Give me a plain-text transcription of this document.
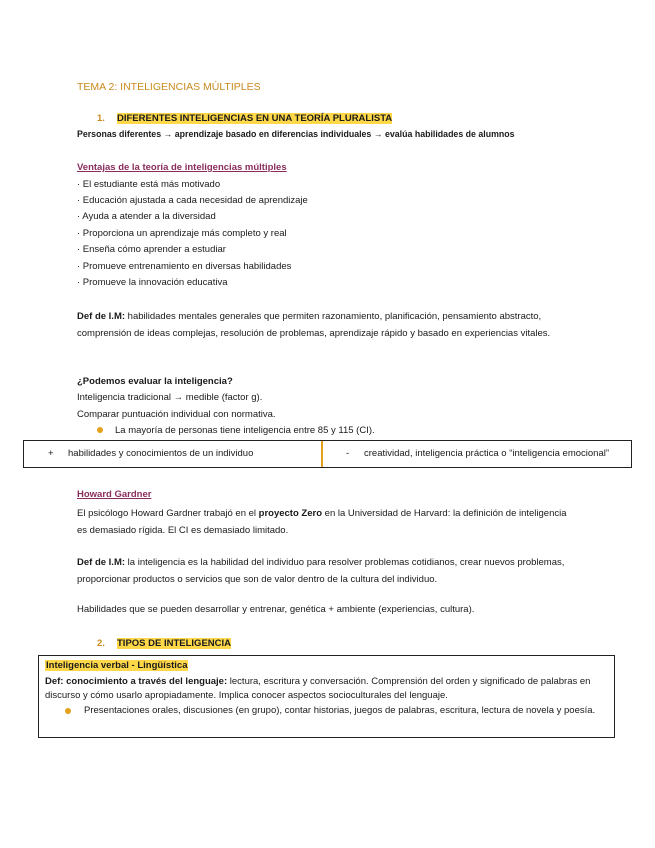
TEMA 2: INTELIGENCIAS MÚLTIPLES
1. DIFERENTES INTELIGENCIAS EN UNA TEORÍA PLURALISTA
Personas diferentes → aprendizaje basado en diferencias individuales → evalúa habilidades de alumnos
Ventajas de la teoría de inteligencias múltiples
· El estudiante está más motivado
· Educación ajustada a cada necesidad de aprendizaje
· Ayuda a atender a la diversidad
· Proporciona un aprendizaje más completo y real
· Enseña cómo aprender a estudiar
· Promueve entrenamiento en diversas habilidades
· Promueve la innovación educativa
Def de I.M: habilidades mentales generales que permiten razonamiento, planificación, pensamiento abstracto, comprensión de ideas complejas, resolución de problemas, aprendizaje rápido y basado en experiencias vitales.
¿Podemos evaluar la inteligencia?
Inteligencia tradicional → medible (factor g).
Comparar puntuación individual con normativa.
La mayoría de personas tiene inteligencia entre 85 y 115 (CI).
+ habilidades y conocimientos de un individuo	- creatividad, inteligencia práctica o “inteligencia emocional”
Howard Gardner
El psicólogo Howard Gardner trabajó en el proyecto Zero en la Universidad de Harvard: la definición de inteligencia es demasiado rígida. El CI es demasiado limitado.
Def de I.M: la inteligencia es la habilidad del individuo para resolver problemas cotidianos, crear nuevos problemas, proporcionar productos o servicios que son de valor dentro de la cultura del individuo.
Habilidades que se pueden desarrollar y entrenar, genética + ambiente (experiencias, cultura).
2. TIPOS DE INTELIGENCIA
Inteligencia verbal - Lingüística
Def: conocimiento a través del lenguaje: lectura, escritura y conversación. Comprensión del orden y significado de palabras en discurso y cómo usarlo apropiadamente. Implica conocer aspectos socioculturales del lenguaje.
Presentaciones orales, discusiones (en grupo), contar historias, juegos de palabras, escritura, lectura de novela y poesía.
